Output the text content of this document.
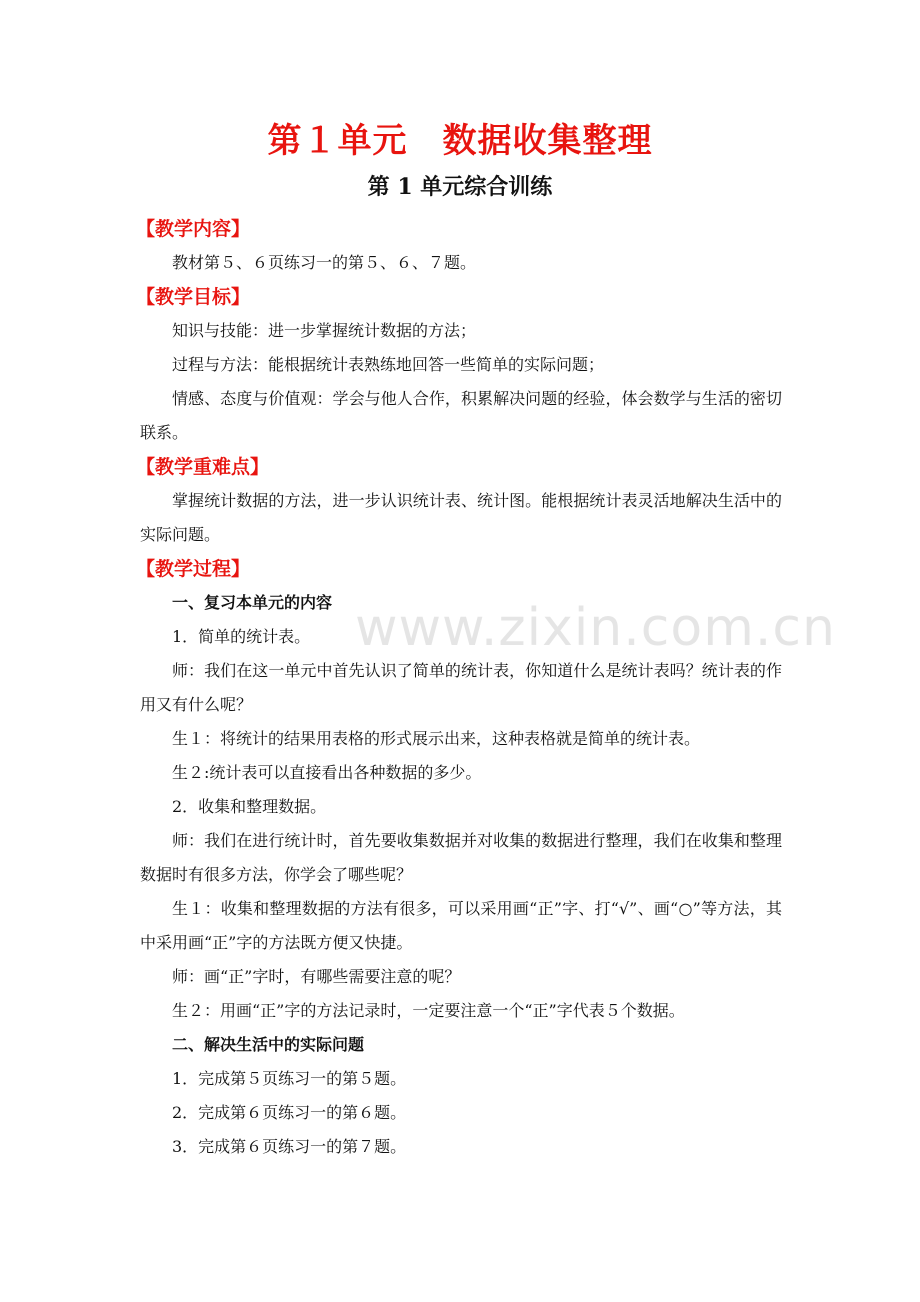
第１单元　数据收集整理
第 1 单元综合训练
【教学内容】
教材第５、６页练习一的第５、６、７题。
【教学目标】
知识与技能：进一步掌握统计数据的方法；
过程与方法：能根据统计表熟练地回答一些简单的实际问题；
情感、态度与价值观：学会与他人合作，积累解决问题的经验，体会数学与生活的密切联系。
【教学重难点】
掌握统计数据的方法，进一步认识统计表、统计图。能根据统计表灵活地解决生活中的实际问题。
【教学过程】
一、复习本单元的内容
1．简单的统计表。
师：我们在这一单元中首先认识了简单的统计表，你知道什么是统计表吗？统计表的作用又有什么呢？
生１：将统计的结果用表格的形式展示出来，这种表格就是简单的统计表。
生２:统计表可以直接看出各种数据的多少。
2．收集和整理数据。
师：我们在进行统计时，首先要收集数据并对收集的数据进行整理，我们在收集和整理数据时有很多方法，你学会了哪些呢？
生１：收集和整理数据的方法有很多，可以采用画“正”字、打“√”、画“○”等方法，其中采用画“正”字的方法既方便又快捷。
师：画“正”字时，有哪些需要注意的呢？
生２：用画“正”字的方法记录时，一定要注意一个“正”字代表５个数据。
二、解决生活中的实际问题
1．完成第５页练习一的第５题。
2．完成第６页练习一的第６题。
3．完成第６页练习一的第７题。
www.zixin.com.cn
